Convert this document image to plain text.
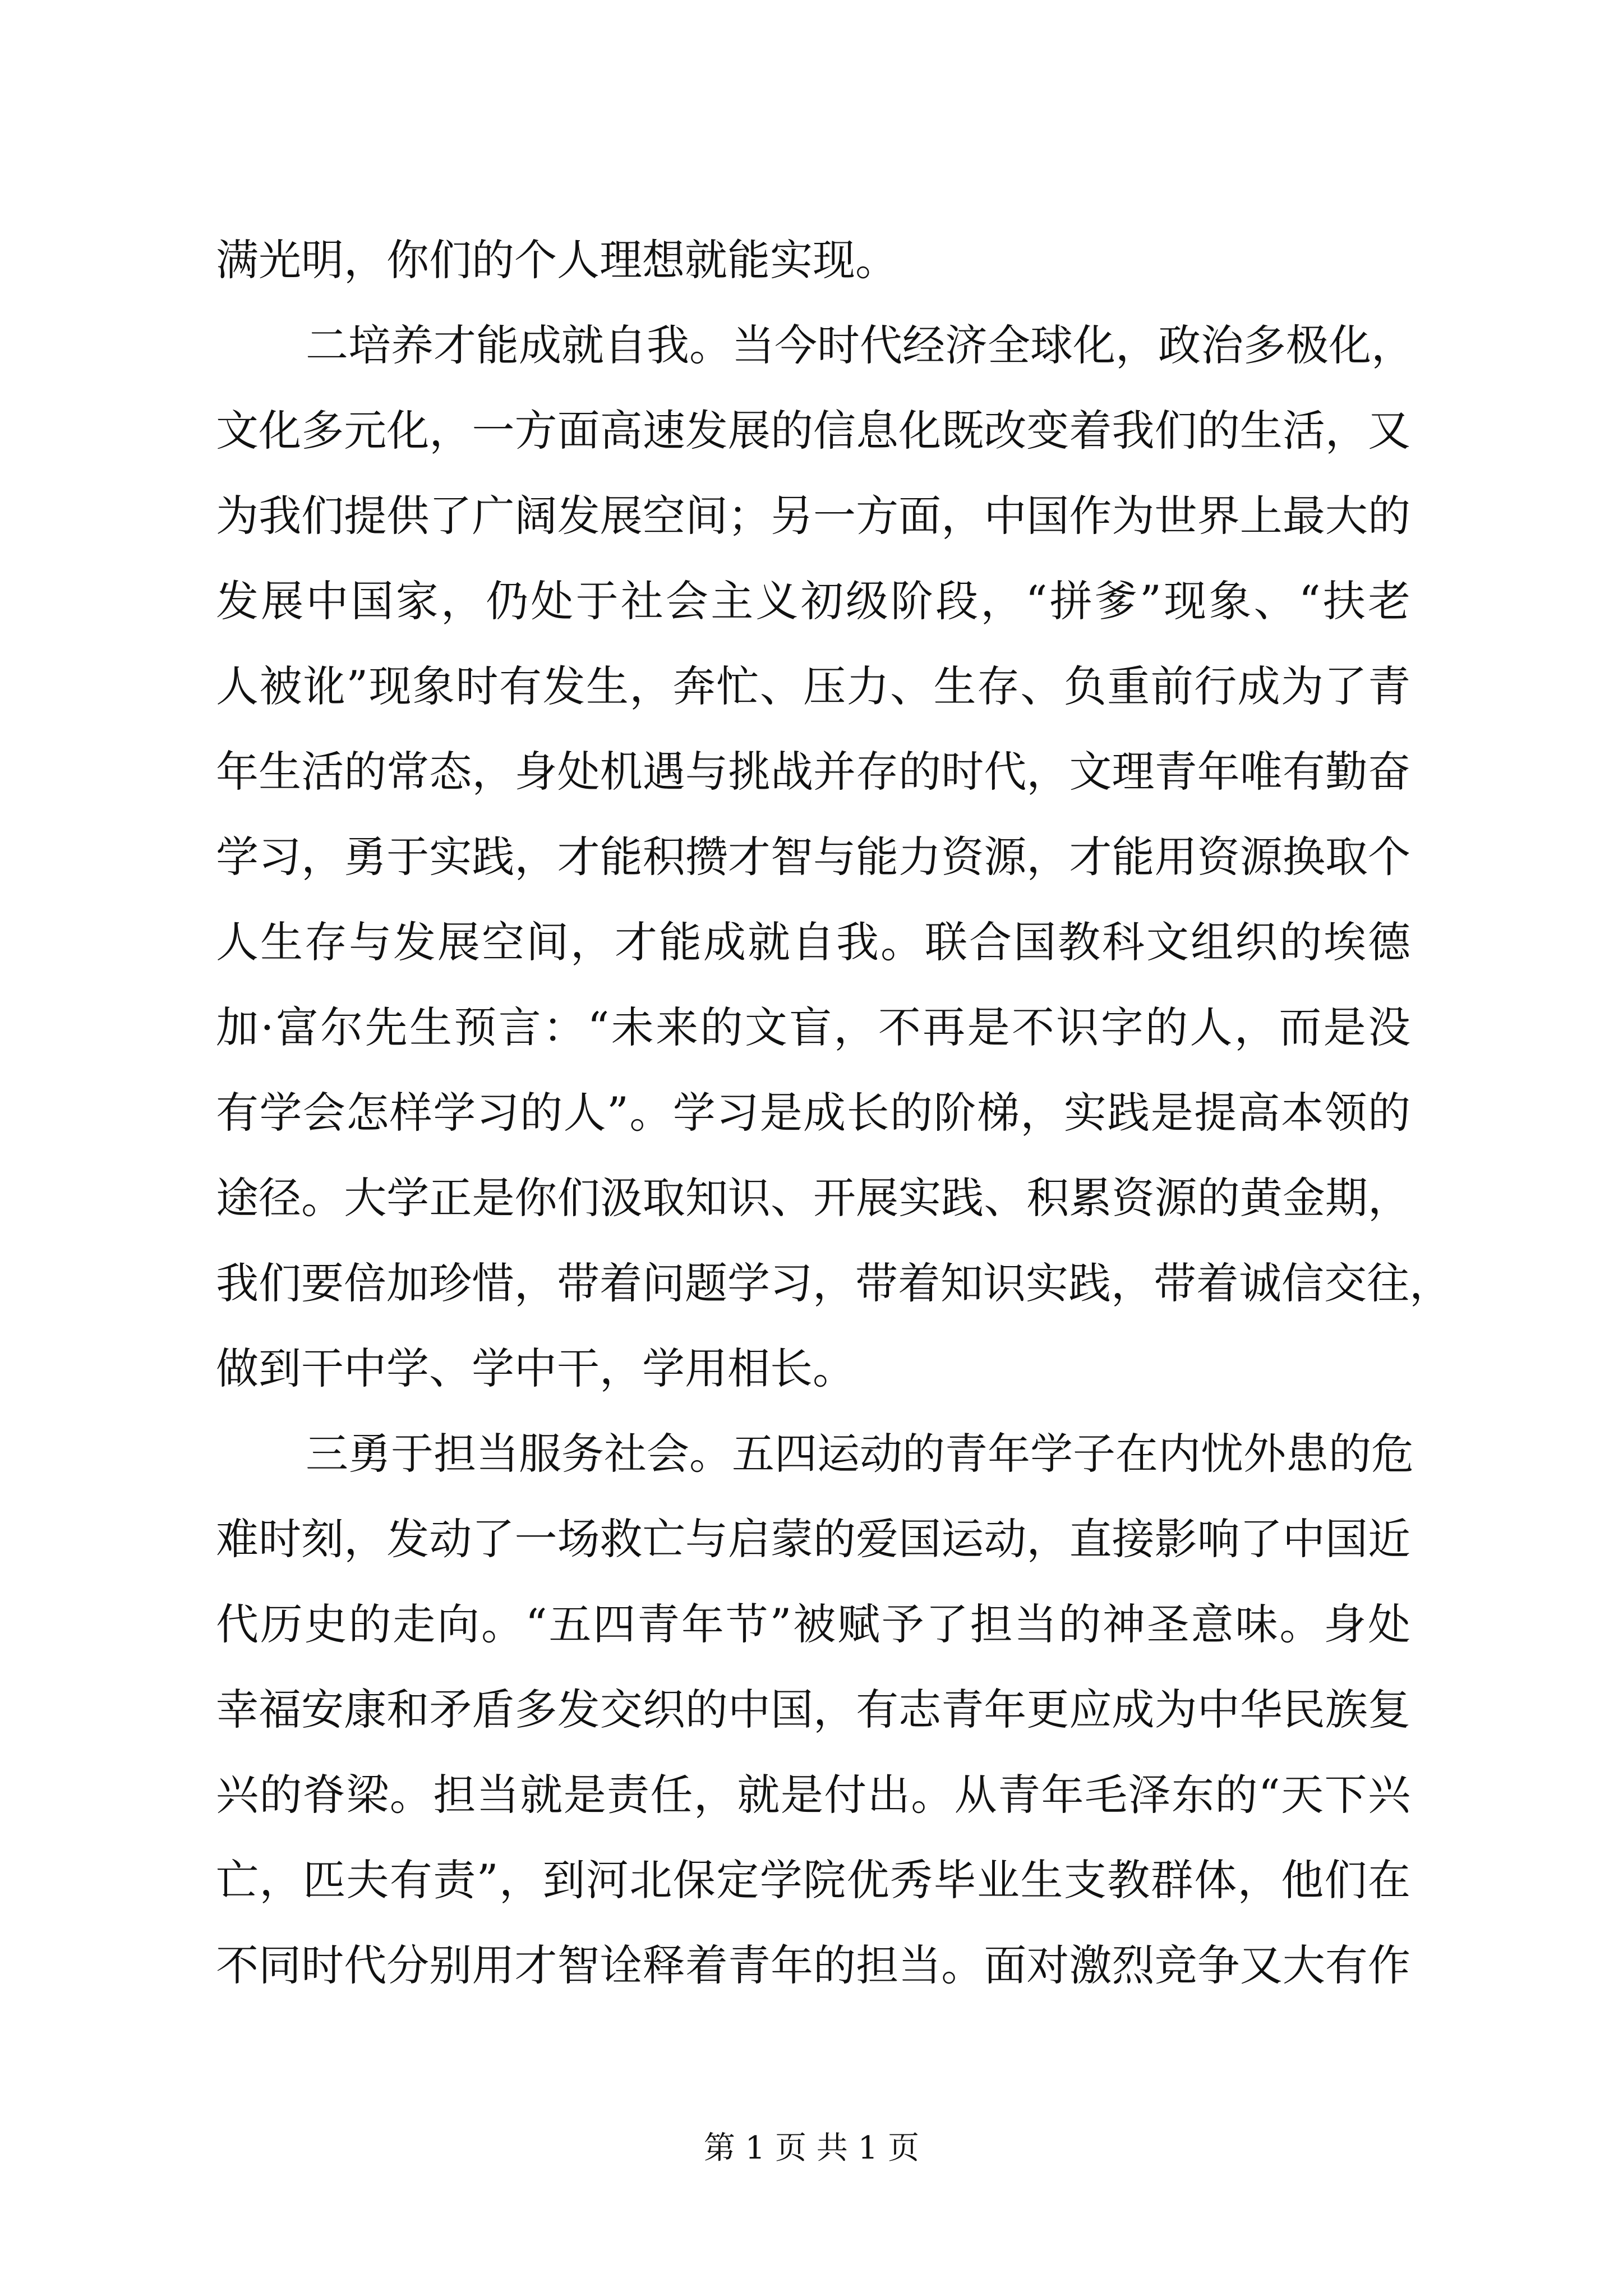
满光明，你们的个人理想就能实现。
二培养才能成就自我。当今时代经济全球化，政治多极化，
文化多元化，一方面高速发展的信息化既改变着我们的生活，又
为我们提供了广阔发展空间；另一方面，中国作为世界上最大的
发展中国家，仍处于社会主义初级阶段，“拼爹”现象、“扶老
人被讹”现象时有发生，奔忙、压力、生存、负重前行成为了青
年生活的常态，身处机遇与挑战并存的时代，文理青年唯有勤奋
学习，勇于实践，才能积攒才智与能力资源，才能用资源换取个
人生存与发展空间，才能成就自我。联合国教科文组织的埃德
加·富尔先生预言：“未来的文盲，不再是不识字的人，而是没
有学会怎样学习的人”。学习是成长的阶梯，实践是提高本领的
途径。大学正是你们汲取知识、开展实践、积累资源的黄金期，
我们要倍加珍惜，带着问题学习，带着知识实践，带着诚信交往，
做到干中学、学中干，学用相长。
三勇于担当服务社会。五四运动的青年学子在内忧外患的危
难时刻，发动了一场救亡与启蒙的爱国运动，直接影响了中国近
代历史的走向。“五四青年节”被赋予了担当的神圣意味。身处
幸福安康和矛盾多发交织的中国，有志青年更应成为中华民族复
兴的脊梁。担当就是责任，就是付出。从青年毛泽东的“天下兴
亡，匹夫有责”，到河北保定学院优秀毕业生支教群体，他们在
不同时代分别用才智诠释着青年的担当。面对激烈竞争又大有作
第 1 页 共 1 页
